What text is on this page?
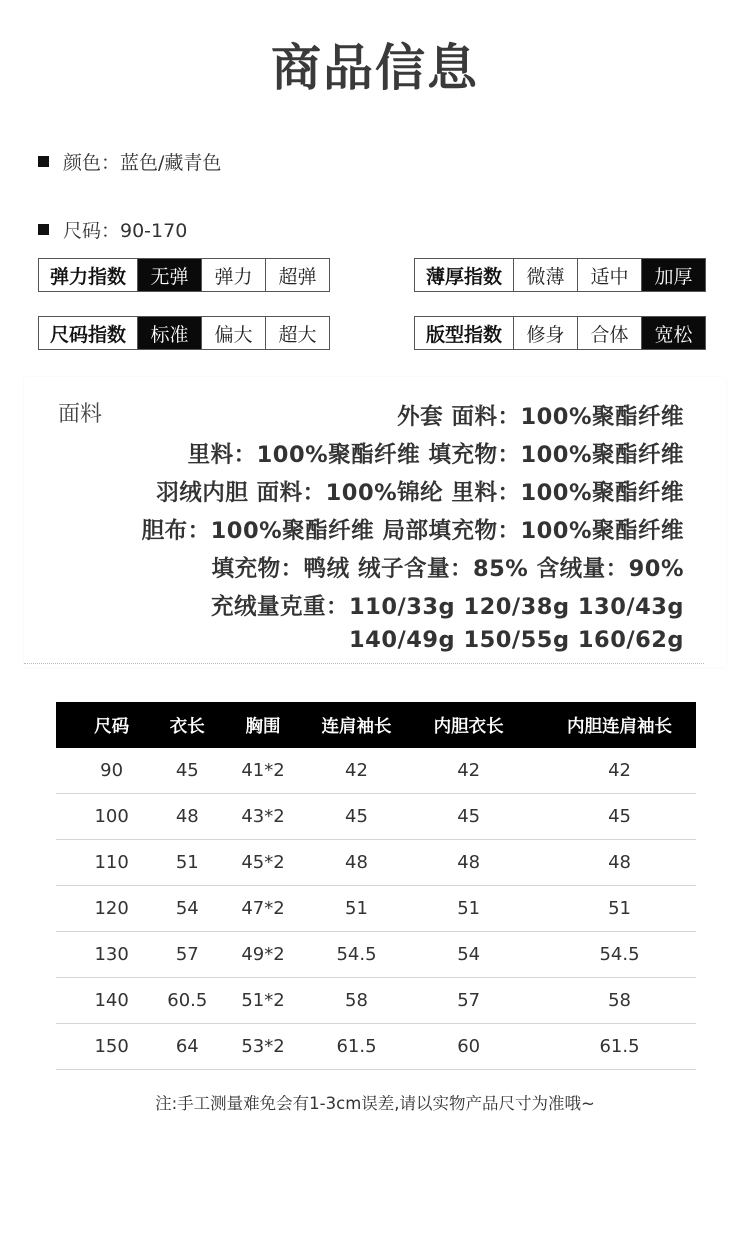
商品信息
颜色：蓝色/藏青色
尺码：90-170
弹力指数	无弹	弹力	超弹	薄厚指数	微薄	适中	加厚
尺码指数	标准	偏大	超大	版型指数	修身	合体	宽松
面料	外套 面料：100%聚酯纤维
里料：100%聚酯纤维 填充物：100%聚酯纤维
羽绒内胆 面料：100%锦纶 里料：100%聚酯纤维
胆布：100%聚酯纤维 局部填充物：100%聚酯纤维
填充物：鸭绒 绒子含量：85% 含绒量：90%
充绒量克重：110/33g 120/38g 130/43g
140/49g 150/55g 160/62g
尺码	衣长	胸围	连肩袖长	内胆衣长	内胆连肩袖长
90	45	41*2	42	42	42
100	48	43*2	45	45	45
110	51	45*2	48	48	48
120	54	47*2	51	51	51
130	57	49*2	54.5	54	54.5
140	60.5	51*2	58	57	58
150	64	53*2	61.5	60	61.5
注:手工测量难免会有1-3cm误差,请以实物产品尺寸为准哦~
